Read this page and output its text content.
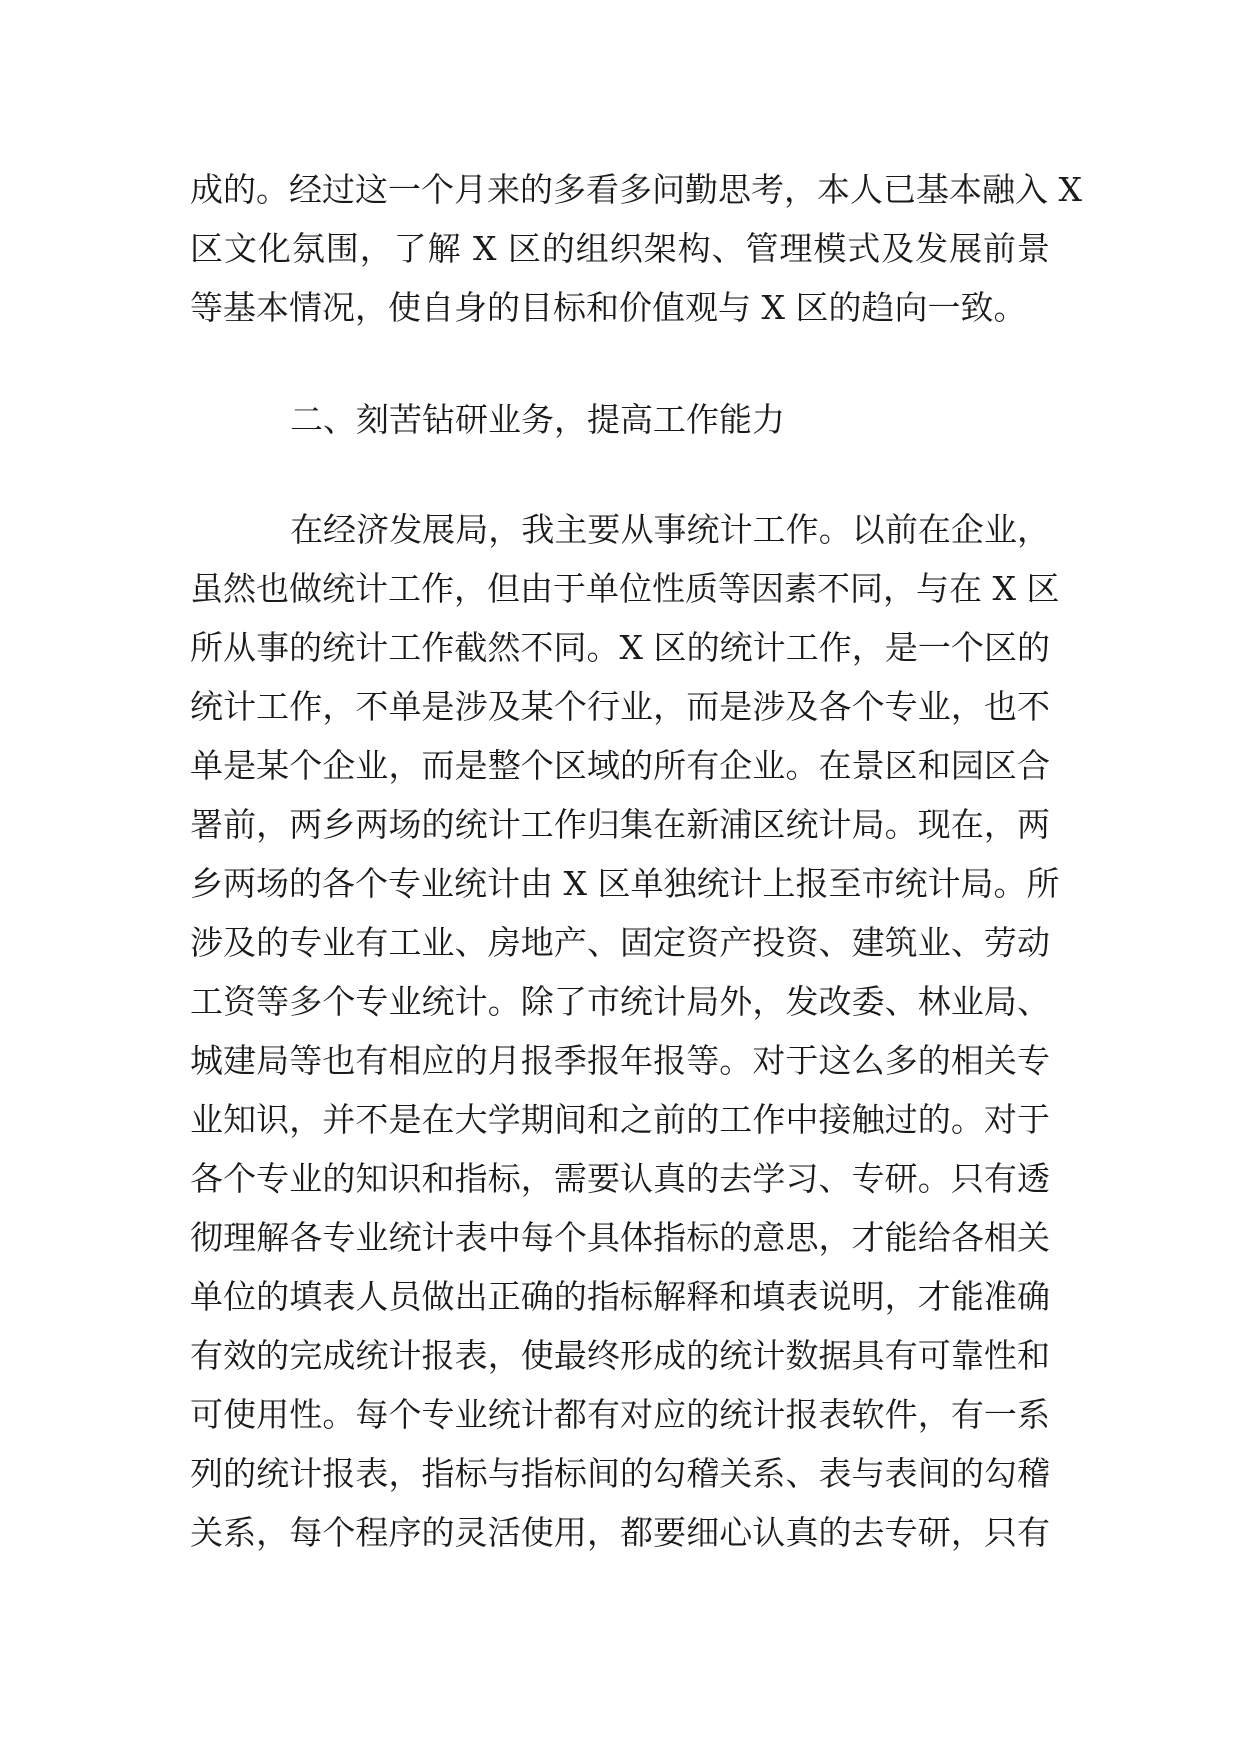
成的。经过这一个月来的多看多问勤思考，本人已基本融入 X
区文化氛围，了解 X 区的组织架构、管理模式及发展前景
等基本情况，使自身的目标和价值观与 X 区的趋向一致。
二、刻苦钻研业务，提高工作能力
在经济发展局，我主要从事统计工作。以前在企业，
虽然也做统计工作，但由于单位性质等因素不同，与在 X 区
所从事的统计工作截然不同。X 区的统计工作，是一个区的
统计工作，不单是涉及某个行业，而是涉及各个专业，也不
单是某个企业，而是整个区域的所有企业。在景区和园区合
署前，两乡两场的统计工作归集在新浦区统计局。现在，两
乡两场的各个专业统计由 X 区单独统计上报至市统计局。所
涉及的专业有工业、房地产、固定资产投资、建筑业、劳动
工资等多个专业统计。除了市统计局外，发改委、林业局、
城建局等也有相应的月报季报年报等。对于这么多的相关专
业知识，并不是在大学期间和之前的工作中接触过的。对于
各个专业的知识和指标，需要认真的去学习、专研。只有透
彻理解各专业统计表中每个具体指标的意思，才能给各相关
单位的填表人员做出正确的指标解释和填表说明，才能准确
有效的完成统计报表，使最终形成的统计数据具有可靠性和
可使用性。每个专业统计都有对应的统计报表软件，有一系
列的统计报表，指标与指标间的勾稽关系、表与表间的勾稽
关系，每个程序的灵活使用，都要细心认真的去专研，只有
